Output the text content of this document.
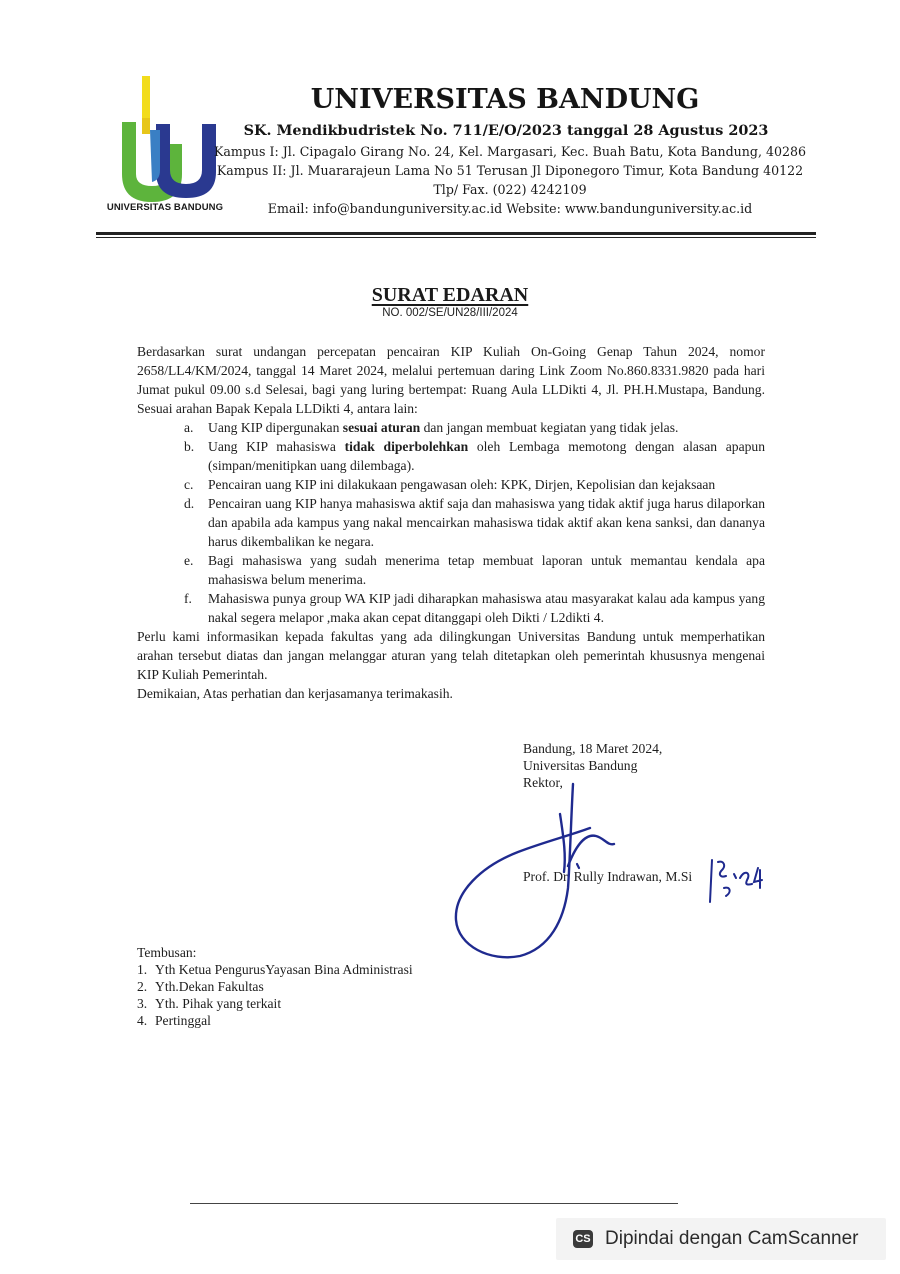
UNIVERSITAS BANDUNG
UNIVERSITAS BANDUNG
SK. Mendikbudristek No. 711/E/O/2023 tanggal 28 Agustus 2023
Kampus I: Jl. Cipagalo Girang No. 24, Kel. Margasari, Kec. Buah Batu, Kota Bandung, 40286
Kampus II: Jl. Muararajeun Lama No 51 Terusan Jl Diponegoro Timur, Kota Bandung 40122
Tlp/ Fax. (022) 4242109
Email: info@bandunguniversity.ac.id Website: www.bandunguniversity.ac.id
SURAT EDARAN
NO. 002/SE/UN28/III/2024

Berdasarkan surat undangan percepatan pencairan KIP Kuliah On-Going Genap Tahun 2024, nomor 2658/LL4/KM/2024, tanggal 14 Maret 2024, melalui pertemuan daring Link Zoom No.860.8331.9820 pada hari Jumat pukul 09.00 s.d Selesai, bagi yang luring bertempat: Ruang Aula LLDikti 4, Jl. PH.H.Mustapa, Bandung. Sesuai arahan Bapak Kepala LLDikti 4, antara lain:

a. Uang KIP dipergunakan sesuai aturan dan jangan membuat kegiatan yang tidak jelas.
b. Uang KIP mahasiswa tidak diperbolehkan oleh Lembaga memotong dengan alasan apapun (simpan/menitipkan uang dilembaga).
c. Pencairan uang KIP ini dilakukaan pengawasan oleh: KPK, Dirjen, Kepolisian dan kejaksaan
d. Pencairan uang KIP hanya mahasiswa aktif saja dan mahasiswa yang tidak aktif juga harus dilaporkan dan apabila ada kampus yang nakal mencairkan mahasiswa tidak aktif akan kena sanksi, dan dananya harus dikembalikan ke negara.
e. Bagi mahasiswa yang sudah menerima tetap membuat laporan untuk memantau kendala apa mahasiswa belum menerima.
f. Mahasiswa punya group WA KIP jadi diharapkan mahasiswa atau masyarakat kalau ada kampus yang nakal segera melapor ,maka akan cepat ditanggapi oleh Dikti / L2dikti 4.

Perlu kami informasikan kepada fakultas yang ada dilingkungan Universitas Bandung untuk memperhatikan arahan tersebut diatas dan jangan melanggar aturan yang telah ditetapkan oleh pemerintah khususnya mengenai KIP Kuliah Pemerintah.

Demikaian, Atas perhatian dan kerjasamanya terimakasih.

Bandung, 18 Maret 2024,
Universitas Bandung
Rektor,
Prof. Dr. Rully Indrawan, M.Si
18 3 '24
Tembusan:
1. Yth Ketua PengurusYayasan Bina Administrasi
2. Yth.Dekan Fakultas
3. Yth. Pihak yang terkait
4. Pertinggal
CS Dipindai dengan CamScanner
